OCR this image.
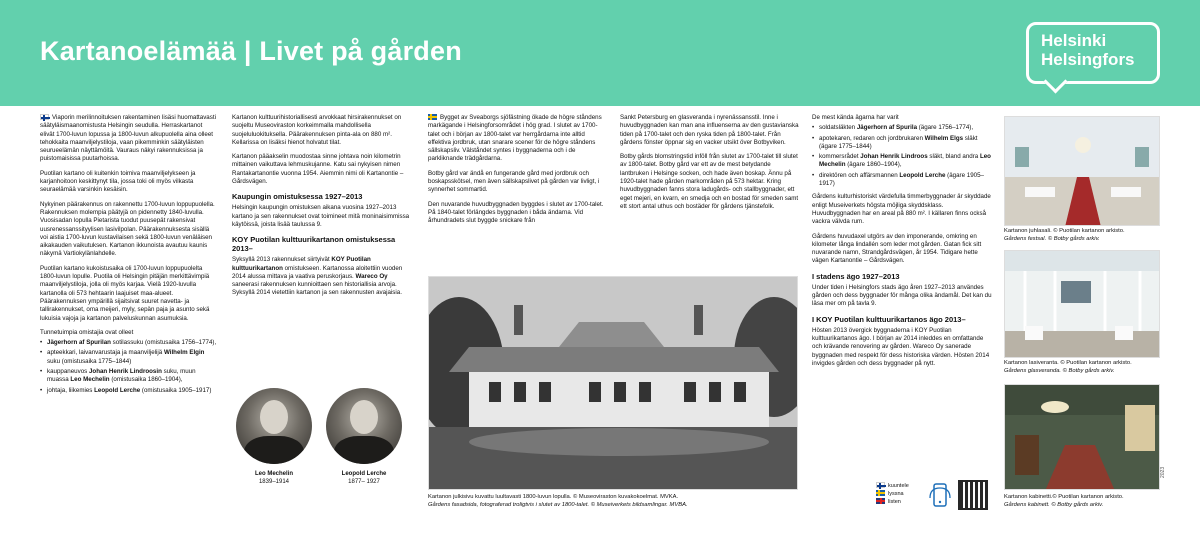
Kartanoelämää | Livet på gården	Helsinki
Helsingfors

Viaporin merilinnoituksen rakentaminen lisäsi huomattavasti säätyläismaanomistusta Helsingin seudulla. Herraskartanot elivät 1700-luvun lopussa ja 1800-luvun alkupuolella aina olleet tehokkaita maanviljelystiloja, vaan pikemminkin säätyläisten seurueelämän näyttämöitä. Vauraus näkyi rakennuksissa ja puistomaisissa puutarhoissa.

Puotilan kartano oli kuitenkin toimiva maanviljelykseen ja karjanhoitoon keskittynyt tila, jossa toki oli myös vilkasta seuraelämää varsinkin kesäisin.

Nykyinen päärakennus on rakennettu 1700-luvun loppupuolella. Rakennuksen molempia päätyjä on pidennetty 1840-luvulla. Vuosisadan lopulla Pietarista tuodut puusepät rakensivat uusrenessanssityylisen lasivilpolan. Päärakennuksesta sisällä voi aistia 1700-luvun kustavilaisen sekä 1800-luvun venäläisen aikakauden vaikutuksen. Kartanon ikkunoista avautuu kaunis näkymä Vartiokylänlahdelle.

Puotilan kartano kukoistusaika oli 1700-luvun loppupuolelta 1800-luvun lopulle. Puotila oli Helsingin pitäjän merkittävimpiä maanviljelystiloja, jolla oli myös karjaa. Vielä 1920-luvulla kartanolla oli 573 hehtaarin laajuiset maa-alueet. Päärakennuksen ympärillä sijaitsivat suuret navetta- ja tallirakennukset, oma meijeri, myly, sepän paja ja asunto sekä lukuisia vajoja ja kartanon palveluskunnan asumuksia.

Tunnetuimpia omistajia ovat olleet

• Jägerhorn af Spurilan sotilassuku (omistusaika 1756–1774),
• apteekkari, laivanvarustaja ja maanviljelijä Wilhelm Elgin suku (omistusaika 1775–1844)
• kauppaneuvos Johan Henrik Lindroosin suku, muun muassa Leo Mechelin (omistusaika 1860–1904),
• johtaja, liikemies Leopold Lerche (omistusaika 1905–1917)

Kartanon kulttuurihistoriallisesti arvokkaat hirsirakennukset on suojeltu Museoviraston korkeimmalla mahdollisella suojeluluokituksella. Päärakennuksen pinta-ala on 880 m². Kellarissa on lisäksi hienot holvatut tilat.

Kartanon pääakselin muodostaa sinne johtava noin kilometrin mittainen vaikuttava lehmuskujanne. Katu sai nykyisen nimen Rantakartanontie vuonna 1954. Aiemmin nimi oli Kartanontie – Gårdsvägen.

Kaupungin omistuksessa 1927–2013

Helsingin kaupungin omistuksen aikana vuosina 1927–2013 kartano ja sen rakennukset ovat toimineet mitä moninaisimmissa käytöissä, joista lisää taulussa 9.

KOY Puotilan kulttuurikartanon omistuksessa 2013–

Syksyllä 2013 rakennukset siirtyivät KOY Puotilan kulttuurikartanon omistukseen. Kartanossa aloitettiin vuoden 2014 alussa mittava ja vaativa peruskorjaus. Wareco Oy saneerasi rakennuksen kunnioittaen sen historiallisia arvoja. Syksyllä 2014 vietettiin kartanon ja sen rakennusten avajaisia.

Leo Mechelin
1839–1914
Leopold Lerche
1877– 1927

Bygget av Sveaborgs sjöfästning ökade de högre ståndens markägande i Helsingforsområdet i hög grad. I slutet av 1700-talet och i början av 1800-talet var herrgårdarna inte alltid effektiva jordbruk, utan snarare scener för de högre ståndens sällskapsliv. Välståndet syntes i byggnaderna och i de parkliknande trädgårdarna.

Botby gård var ändå en fungerande gård med jordbruk och boskapsskötsel, men även sällskapslivet på gården var livligt, i synnerhet sommartid.

Den nuvarande huvudbyggnaden byggdes i slutet av 1700-talet. På 1840-talet förlängdes byggnaden i båda ändarna. Vid århundradets slut byggde snickare från

Sankt Petersburg en glasveranda i nyrenässansstil. Inne i huvudbyggnaden kan man ana influenserna av den gustavianska tiden på 1700-talet och den ryska tiden på 1800-talet. Från gårdens fönster öppnar sig en vacker utsikt över Botbyviken.

Botby gårds blomstringstid inföll från slutet av 1700-talet till slutet av 1800-talet. Botby gård var ett av de mest betydande lantbruken i Helsinge socken, och hade även boskap. Ännu på 1920-talet hade gården markområden på 573 hektar. Kring huvudbyggnaden fanns stora ladugårds- och stallbyggnader, ett eget mejeri, en kvarn, en smedja och en bostad för smeden samt ett stort antal uthus och bostäder för gårdens tjänstefolk.

Kartanon julkisivu kuvattu luultavasti 1800-luvun lopulla. © Museoviraston kuvakokoelmat. MVKA.
Gårdens fasadsida, fotograferad troligtvis i slutet av 1800-talet. © Museiverkets bildsamlingar. MVBA.

De mest kända ägarna har varit

• soldatsläkten Jägerhorn af Spurila (ägare 1756–1774),
• apotekaren, redaren och jordbrukaren Wilhelm Elgs släkt (ägare 1775–1844)
• kommersrådet Johan Henrik Lindroos släkt, bland andra Leo Mechelin (ägare 1860–1904),
• direktören och affärsmannen Leopold Lerche (ägare 1905–1917)

Gårdens kulturhistoriskt värdefulla timmerbyggnader är skyddade enligt Museiverkets högsta möjliga skyddsklass. Huvudbyggnaden har en areal på 880 m². I källaren finns också vackra välvda rum.

Gårdens huvudaxel utgörs av den imponerande, omkring en kilometer långa lindallén som leder mot gården. Gatan fick sitt nuvarande namn, Strandgårdsvägen, år 1954. Tidigare hette vägen Kartanontie – Gårdsvägen.

I stadens ägo 1927–2013

Under tiden i Helsingfors stads ägo åren 1927–2013 användes gården och dess byggnader för många olika ändamål. Det kan du läsa mer om på tavla 9.

I KOY Puotilan kulttuurikartanos ägo 2013–

Hösten 2013 övergick byggnaderna i KOY Puotilan kulttuurikartanos ägo. I början av 2014 inleddes en omfattande och krävande renovering av gården. Wareco Oy sanerade byggnaden med respekt för dess historiska värden. Hösten 2014 invigdes gården och dess byggnader på nytt.

kuuntele
lyssna
listen
Kartanon juhlasali. © Puotilan kartanon arkisto.
Gårdens festsal. © Botby gårds arkiv.
Kartanon lasiveranta. © Puotilan kartanon arkisto.
Gårdens glasveranda. © Botby gårds arkiv.
Kartanon kabinetti.© Puotilan kartanon arkisto.
Gårdens kabinett. © Botby gårds arkiv.
2023
